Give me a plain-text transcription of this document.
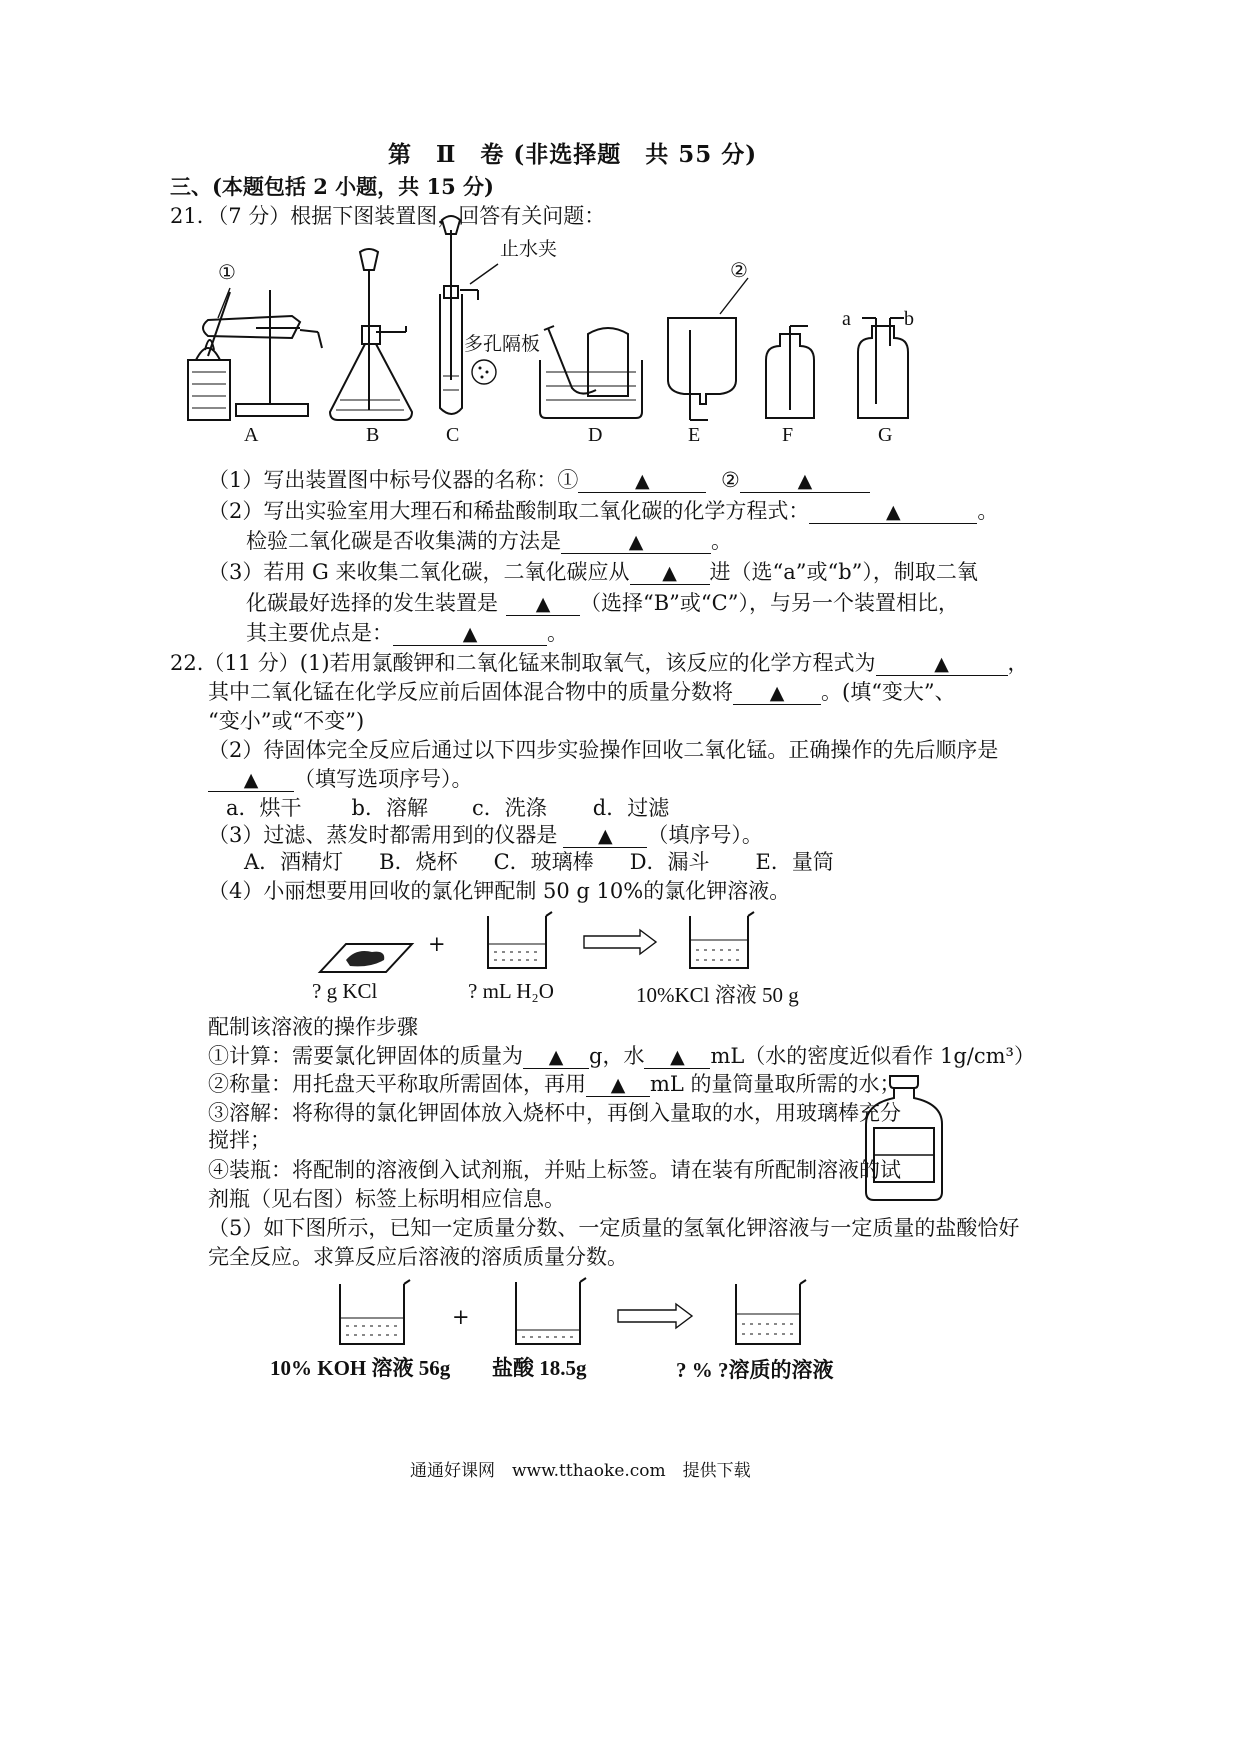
第　Ⅱ　卷 (非选择题　共 55 分)
三、(本题包括 2 小题，共 15 分)
21．（7 分）根据下图装置图，回答有关问题：
①	②
止水夹
多孔隔板
a	b
A	B	C	D	E	F	G
（1）写出装置图中标号仪器的名称：①	▲	②	▲
（2）写出实验室用大理石和稀盐酸制取二氧化碳的化学方程式：	▲	。
检验二氧化碳是否收集满的方法是	▲	。
（3）若用 G 来收集二氧化碳，二氧化碳应从 ▲ 进（选“a”或“b”），制取二氧
化碳最好选择的发生装置是 ▲ （选择“B”或“C”），与另一个装置相比，
其主要优点是：	▲	。
22.（11 分）(1)若用氯酸钾和二氧化锰来制取氧气，该反应的化学方程式为	▲	，
其中二氧化锰在化学反应前后固体混合物中的质量分数将 ▲ 。(填“变大”、
“变小”或“不变”)
（2）待固体完全反应后通过以下四步实验操作回收二氧化锰。正确操作的先后顺序是
▲ （填写选项序号）。
a．烘干 b．溶解 c．洗涤 d．过滤
（3）过滤、蒸发时都需用到的仪器是 ▲ （填序号）。
A．酒精灯 B．烧杯 C．玻璃棒 D．漏斗 E．量筒
（4）小丽想要用回收的氯化钾配制 50 g 10%的氯化钾溶液。
+
? g KCl	? mL H₂O	10%KCl 溶液 50 g
配制该溶液的操作步骤
①计算：需要氯化钾固体的质量为 ▲ g，水 ▲ mL（水的密度近似看作 1g/cm³）
②称量：用托盘天平称取所需固体，再用 ▲ mL 的量筒量取所需的水；
③溶解：将称得的氯化钾固体放入烧杯中，再倒入量取的水，用玻璃棒充分
搅拌；
④装瓶：将配制的溶液倒入试剂瓶，并贴上标签。请在装有所配制溶液的试
剂瓶（见右图）标签上标明相应信息。
（5）如下图所示，已知一定质量分数、一定质量的氢氧化钾溶液与一定质量的盐酸恰好
完全反应。求算反应后溶液的溶质质量分数。
+
10% KOH 溶液 56g 盐酸 18.5g	? % ?溶质的溶液
通通好课网　www.tthaoke.com　提供下载
